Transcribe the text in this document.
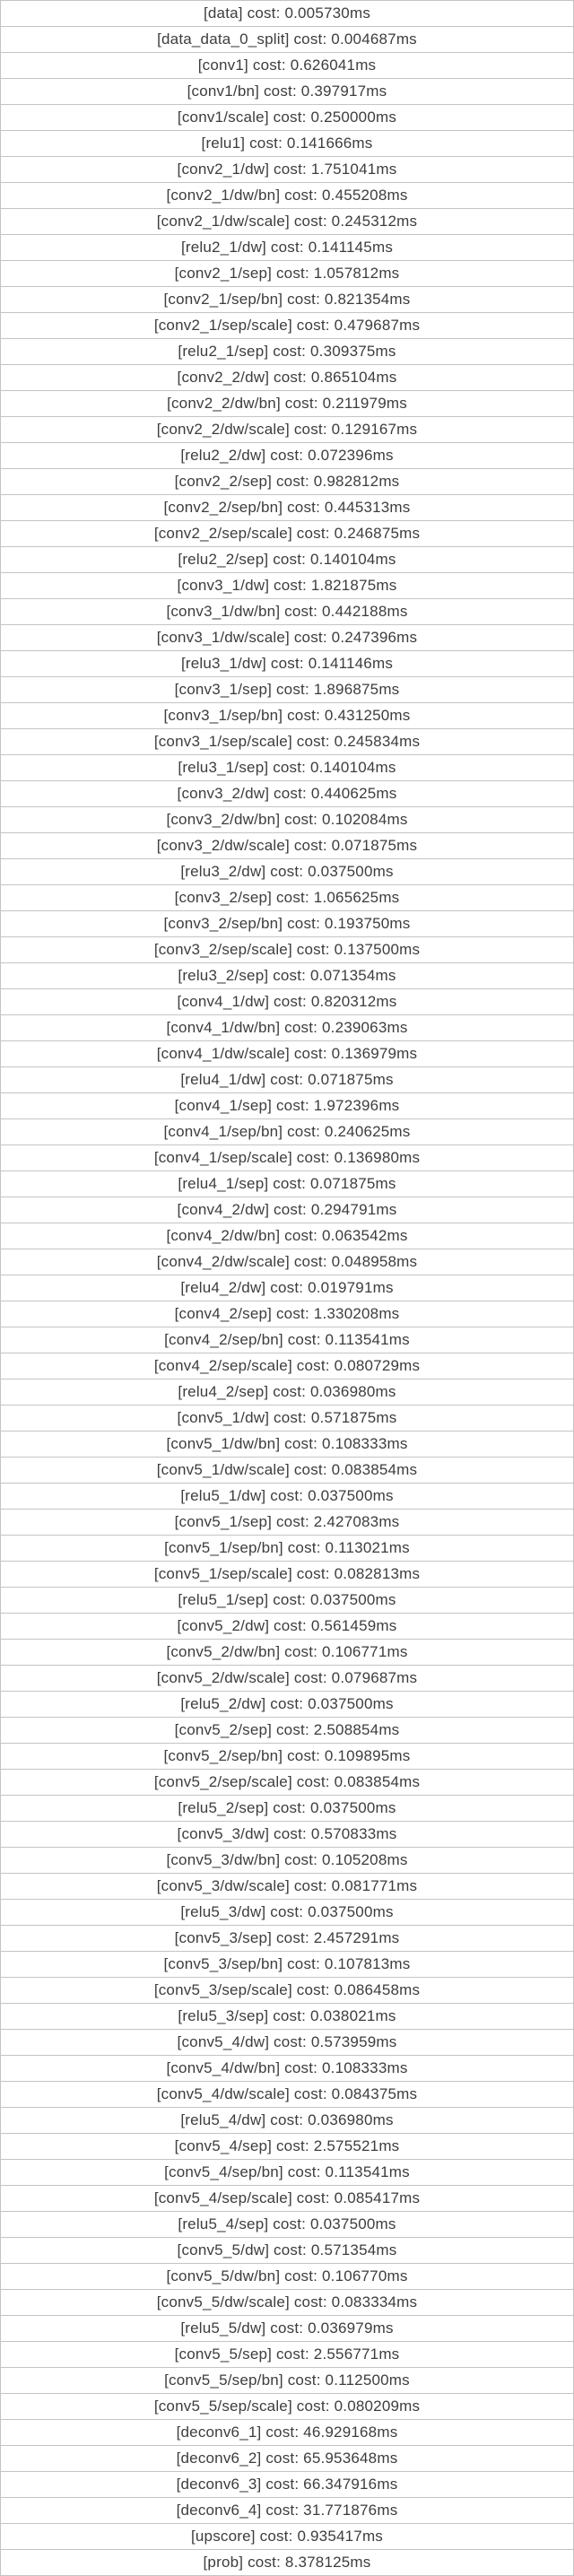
[data] cost: 0.005730ms
[data_data_0_split] cost: 0.004687ms
[conv1] cost: 0.626041ms
[conv1/bn] cost: 0.397917ms
[conv1/scale] cost: 0.250000ms
[relu1] cost: 0.141666ms
[conv2_1/dw] cost: 1.751041ms
[conv2_1/dw/bn] cost: 0.455208ms
[conv2_1/dw/scale] cost: 0.245312ms
[relu2_1/dw] cost: 0.141145ms
[conv2_1/sep] cost: 1.057812ms
[conv2_1/sep/bn] cost: 0.821354ms
[conv2_1/sep/scale] cost: 0.479687ms
[relu2_1/sep] cost: 0.309375ms
[conv2_2/dw] cost: 0.865104ms
[conv2_2/dw/bn] cost: 0.211979ms
[conv2_2/dw/scale] cost: 0.129167ms
[relu2_2/dw] cost: 0.072396ms
[conv2_2/sep] cost: 0.982812ms
[conv2_2/sep/bn] cost: 0.445313ms
[conv2_2/sep/scale] cost: 0.246875ms
[relu2_2/sep] cost: 0.140104ms
[conv3_1/dw] cost: 1.821875ms
[conv3_1/dw/bn] cost: 0.442188ms
[conv3_1/dw/scale] cost: 0.247396ms
[relu3_1/dw] cost: 0.141146ms
[conv3_1/sep] cost: 1.896875ms
[conv3_1/sep/bn] cost: 0.431250ms
[conv3_1/sep/scale] cost: 0.245834ms
[relu3_1/sep] cost: 0.140104ms
[conv3_2/dw] cost: 0.440625ms
[conv3_2/dw/bn] cost: 0.102084ms
[conv3_2/dw/scale] cost: 0.071875ms
[relu3_2/dw] cost: 0.037500ms
[conv3_2/sep] cost: 1.065625ms
[conv3_2/sep/bn] cost: 0.193750ms
[conv3_2/sep/scale] cost: 0.137500ms
[relu3_2/sep] cost: 0.071354ms
[conv4_1/dw] cost: 0.820312ms
[conv4_1/dw/bn] cost: 0.239063ms
[conv4_1/dw/scale] cost: 0.136979ms
[relu4_1/dw] cost: 0.071875ms
[conv4_1/sep] cost: 1.972396ms
[conv4_1/sep/bn] cost: 0.240625ms
[conv4_1/sep/scale] cost: 0.136980ms
[relu4_1/sep] cost: 0.071875ms
[conv4_2/dw] cost: 0.294791ms
[conv4_2/dw/bn] cost: 0.063542ms
[conv4_2/dw/scale] cost: 0.048958ms
[relu4_2/dw] cost: 0.019791ms
[conv4_2/sep] cost: 1.330208ms
[conv4_2/sep/bn] cost: 0.113541ms
[conv4_2/sep/scale] cost: 0.080729ms
[relu4_2/sep] cost: 0.036980ms
[conv5_1/dw] cost: 0.571875ms
[conv5_1/dw/bn] cost: 0.108333ms
[conv5_1/dw/scale] cost: 0.083854ms
[relu5_1/dw] cost: 0.037500ms
[conv5_1/sep] cost: 2.427083ms
[conv5_1/sep/bn] cost: 0.113021ms
[conv5_1/sep/scale] cost: 0.082813ms
[relu5_1/sep] cost: 0.037500ms
[conv5_2/dw] cost: 0.561459ms
[conv5_2/dw/bn] cost: 0.106771ms
[conv5_2/dw/scale] cost: 0.079687ms
[relu5_2/dw] cost: 0.037500ms
[conv5_2/sep] cost: 2.508854ms
[conv5_2/sep/bn] cost: 0.109895ms
[conv5_2/sep/scale] cost: 0.083854ms
[relu5_2/sep] cost: 0.037500ms
[conv5_3/dw] cost: 0.570833ms
[conv5_3/dw/bn] cost: 0.105208ms
[conv5_3/dw/scale] cost: 0.081771ms
[relu5_3/dw] cost: 0.037500ms
[conv5_3/sep] cost: 2.457291ms
[conv5_3/sep/bn] cost: 0.107813ms
[conv5_3/sep/scale] cost: 0.086458ms
[relu5_3/sep] cost: 0.038021ms
[conv5_4/dw] cost: 0.573959ms
[conv5_4/dw/bn] cost: 0.108333ms
[conv5_4/dw/scale] cost: 0.084375ms
[relu5_4/dw] cost: 0.036980ms
[conv5_4/sep] cost: 2.575521ms
[conv5_4/sep/bn] cost: 0.113541ms
[conv5_4/sep/scale] cost: 0.085417ms
[relu5_4/sep] cost: 0.037500ms
[conv5_5/dw] cost: 0.571354ms
[conv5_5/dw/bn] cost: 0.106770ms
[conv5_5/dw/scale] cost: 0.083334ms
[relu5_5/dw] cost: 0.036979ms
[conv5_5/sep] cost: 2.556771ms
[conv5_5/sep/bn] cost: 0.112500ms
[conv5_5/sep/scale] cost: 0.080209ms
[deconv6_1] cost: 46.929168ms
[deconv6_2] cost: 65.953648ms
[deconv6_3] cost: 66.347916ms
[deconv6_4] cost: 31.771876ms
[upscore] cost: 0.935417ms
[prob] cost: 8.378125ms
